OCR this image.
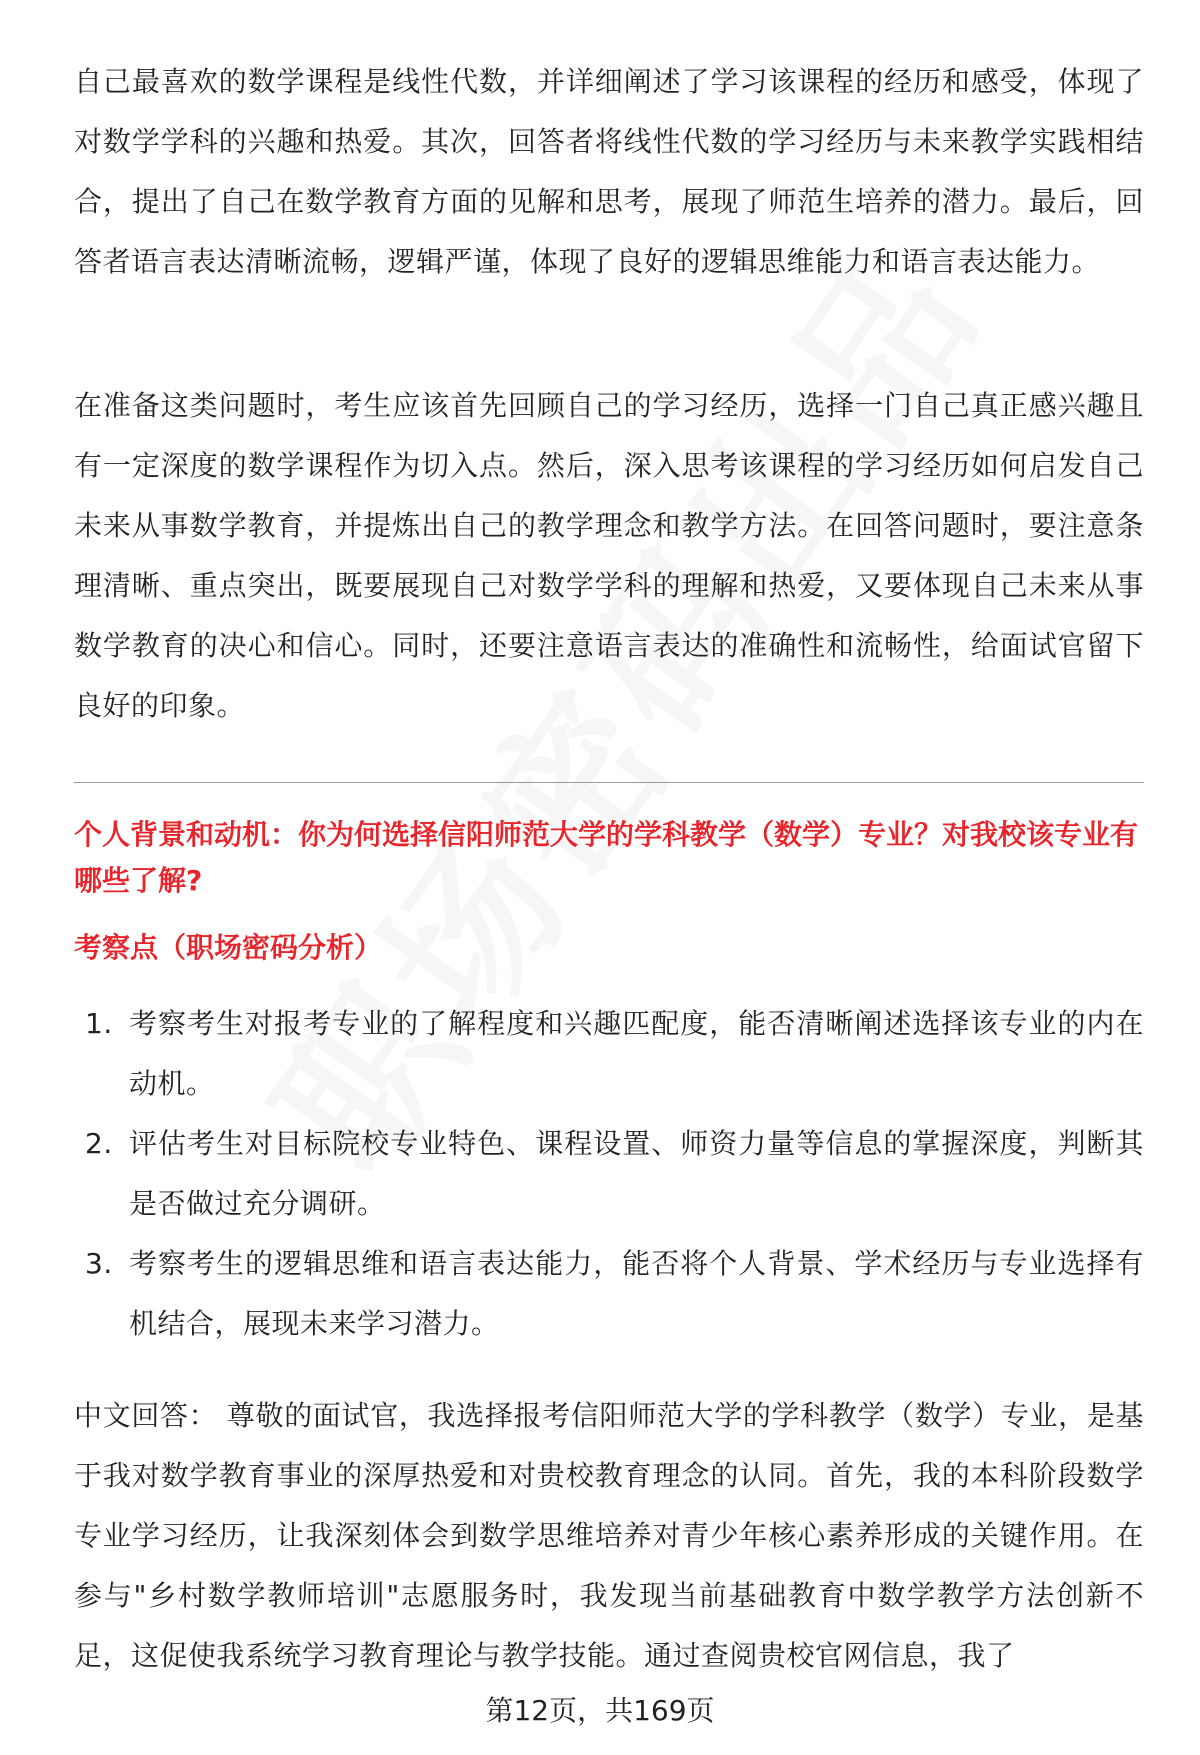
自己最喜欢的数学课程是线性代数，并详细阐述了学习该课程的经历和感受，体现了对数学学科的兴趣和热爱。其次，回答者将线性代数的学习经历与未来教学实践相结合，提出了自己在数学教育方面的见解和思考，展现了师范生培养的潜力。最后，回答者语言表达清晰流畅，逻辑严谨，体现了良好的逻辑思维能力和语言表达能力。

在准备这类问题时，考生应该首先回顾自己的学习经历，选择一门自己真正感兴趣且有一定深度的数学课程作为切入点。然后，深入思考该课程的学习经历如何启发自己未来从事数学教育，并提炼出自己的教学理念和教学方法。在回答问题时，要注意条理清晰、重点突出，既要展现自己对数学学科的理解和热爱，又要体现自己未来从事数学教育的决心和信心。同时，还要注意语言表达的准确性和流畅性，给面试官留下良好的印象。

个人背景和动机：你为何选择信阳师范大学的学科教学（数学）专业？对我校该专业有哪些了解?
考察点（职场密码分析）
1. 考察考生对报考专业的了解程度和兴趣匹配度，能否清晰阐述选择该专业的内在动机。
2. 评估考生对目标院校专业特色、课程设置、师资力量等信息的掌握深度，判断其是否做过充分调研。
3. 考察考生的逻辑思维和语言表达能力，能否将个人背景、学术经历与专业选择有机结合，展现未来学习潜力。

中文回答： 尊敬的面试官，我选择报考信阳师范大学的学科教学（数学）专业，是基于我对数学教育事业的深厚热爱和对贵校教育理念的认同。首先，我的本科阶段数学专业学习经历，让我深刻体会到数学思维培养对青少年核心素养形成的关键作用。在参与"乡村数学教师培训"志愿服务时，我发现当前基础教育中数学教学方法创新不足，这促使我系统学习教育理论与教学技能。通过查阅贵校官网信息，我了

第12页，共169页
